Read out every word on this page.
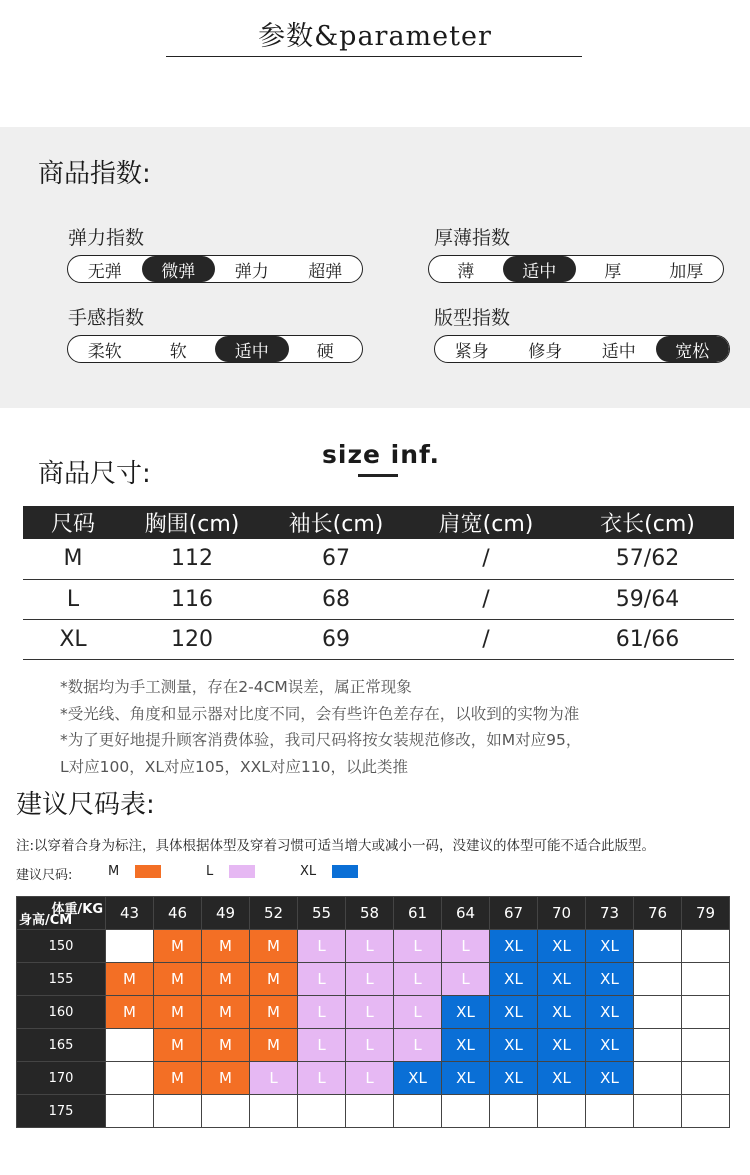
参数&parameter
商品指数:
弹力指数
无弹	微弹	弹力	超弹
厚薄指数
薄	适中	厚	加厚
手感指数
柔软	软	适中	硬
版型指数
紧身	修身	适中	宽松
商品尺寸:
size inf.
尺码	胸围(cm)	袖长(cm)	肩宽(cm)	衣长(cm)
M	112	67	/	57/62
L	116	68	/	59/64
XL	120	69	/	61/66
*数据均为手工测量，存在2-4CM误差，属正常现象
*受光线、角度和显示器对比度不同，会有些许色差存在，以收到的实物为准
*为了更好地提升顾客消费体验，我司尺码将按女装规范修改，如M对应95，
L对应100，XL对应105，XXL对应110，以此类推
建议尺码表:
注:以穿着合身为标注，具体根据体型及穿着习惯可适当增大或减小一码，没建议的体型可能不适合此版型。
建议尺码:	M	L	XL
体重/KG
身高/CM	43	46	49	52	55	58	61	64	67	70	73	76	79
150		M	M	M	L	L	L	L	XL	XL	XL		
155	M	M	M	M	L	L	L	L	XL	XL	XL		
160	M	M	M	M	L	L	L	XL	XL	XL	XL		
165		M	M	M	L	L	L	XL	XL	XL	XL		
170		M	M	L	L	L	XL	XL	XL	XL	XL		
175													
